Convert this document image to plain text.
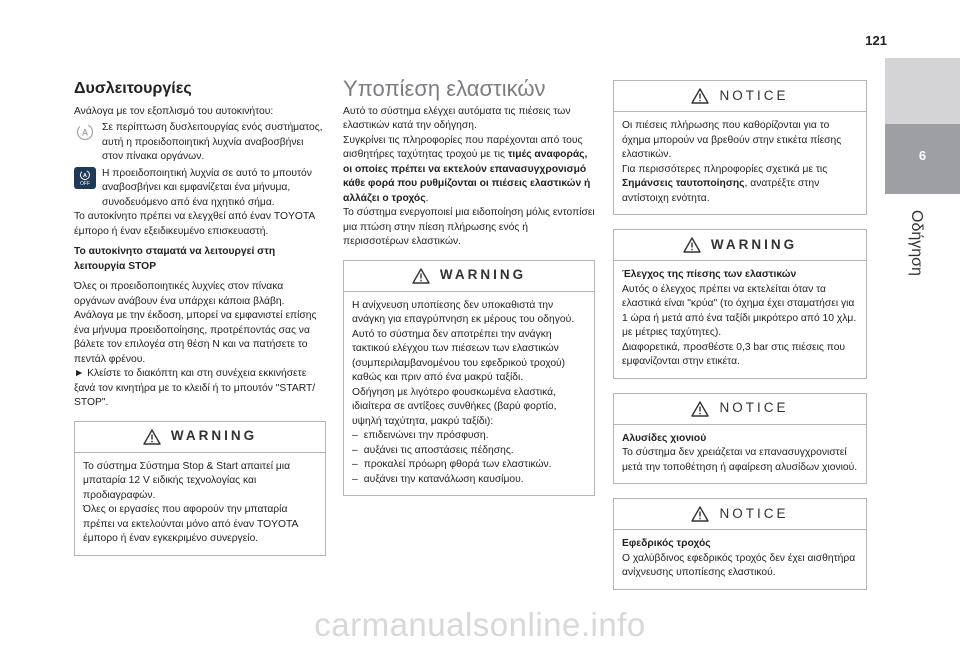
121
6
Οδήγηση
Δυσλειτουργίες

Ανάλογα με τον εξοπλισμό του αυτοκινήτου:

A Σε περίπτωση δυσλειτουργίας ενός συστήματος, αυτή η προειδοποιητική λυχνία αναβοσβήνει στον πίνακα οργάνων.
A
OFF
Η προειδοποιητική λυχνία σε αυτό το μπουτόν αναβοσβήνει και εμφανίζεται ένα μήνυμα, συνοδευόμενο από ένα ηχητικό σήμα.

Το αυτοκίνητο πρέπει να ελεγχθεί από έναν TOYOTA έμπορο ή έναν εξειδικευμένο επισκευαστή.

Το αυτοκίνητο σταματά να λειτουργεί στη λειτουργία STOP

Όλες οι προειδοποιητικές λυχνίες στον πίνακα οργάνων ανάβουν ένα υπάρχει κάποια βλάβη. Ανάλογα με την έκδοση, μπορεί να εμφανιστεί επίσης ένα μήνυμα προειδοποίησης, προτρέποντάς σας να βάλετε τον επιλογέα στη θέση N και να πατήσετε το πεντάλ φρένου.

► Κλείστε το διακόπτη και στη συνέχεια εκκινήσετε ξανά τον κινητήρα με το κλειδί ή το μπουτόν "START/ STOP".

WARNING

Το σύστημα Σύστημα Stop & Start απαιτεί μια μπαταρία 12 V ειδικής τεχνολογίας και προδιαγραφών.

Όλες οι εργασίες που αφορούν την μπαταρία πρέπει να εκτελούνται μόνο από έναν TOYOTA έμπορο ή έναν εγκεκριμένο συνεργείο.

Υποπίεση ελαστικών

Αυτό το σύστημα ελέγχει αυτόματα τις πιέσεις των ελαστικών κατά την οδήγηση.

Συγκρίνει τις πληροφορίες που παρέχονται από τους αισθητήρες ταχύτητας τροχού με τις τιμές αναφοράς, οι οποίες πρέπει να εκτελούν επανασυγχρονισμό κάθε φορά που ρυθμίζονται οι πιέσεις ελαστικών ή αλλάζει ο τροχός.

Το σύστημα ενεργοποιεί μια ειδοποίηση μόλις εντοπίσει μια πτώση στην πίεση πλήρωσης ενός ή περισσοτέρων ελαστικών.

WARNING

Η ανίχνευση υποπίεσης δεν υποκαθιστά την ανάγκη για επαγρύπνηση εκ μέρους του οδηγού.

Αυτό το σύστημα δεν αποτρέπει την ανάγκη τακτικού ελέγχου των πιέσεων των ελαστικών (συμπεριλαμβανομένου του εφεδρικού τροχού) καθώς και πριν από ένα μακρύ ταξίδι.

Οδήγηση με λιγότερο φουσκωμένα ελαστικά, ιδιαίτερα σε αντίξοες συνθήκες (βαρύ φορτίο, υψηλή ταχύτητα, μακρύ ταξίδι):

– επιδεινώνει την πρόσφυση.
– αυξάνει τις αποστάσεις πέδησης.
– προκαλεί πρόωρη φθορά των ελαστικών.
– αυξάνει την κατανάλωση καυσίμου.
NOTICE

Οι πιέσεις πλήρωσης που καθορίζονται για το όχημα μπορούν να βρεθούν στην ετικέτα πίεσης ελαστικών.

Για περισσότερες πληροφορίες σχετικά με τις Σημάνσεις ταυτοποίησης, ανατρέξτε στην αντίστοιχη ενότητα.

WARNING

Έλεγχος της πίεσης των ελαστικών

Αυτός ο έλεγχος πρέπει να εκτελείται όταν τα ελαστικά είναι "κρύα" (το όχημα έχει σταματήσει για 1 ώρα ή μετά από ένα ταξίδι μικρότερο από 10 χλμ. με μέτριες ταχύτητες).

Διαφορετικά, προσθέστε 0,3 bar στις πιέσεις που εμφανίζονται στην ετικέτα.

NOTICE

Αλυσίδες χιονιού

Το σύστημα δεν χρειάζεται να επανασυγχρονιστεί μετά την τοποθέτηση ή αφαίρεση αλυσίδων χιονιού.

NOTICE

Εφεδρικός τροχός

Ο χαλύβδινος εφεδρικός τροχός δεν έχει αισθητήρα ανίχνευσης υποπίεσης ελαστικού.

carmanualsonline.info
